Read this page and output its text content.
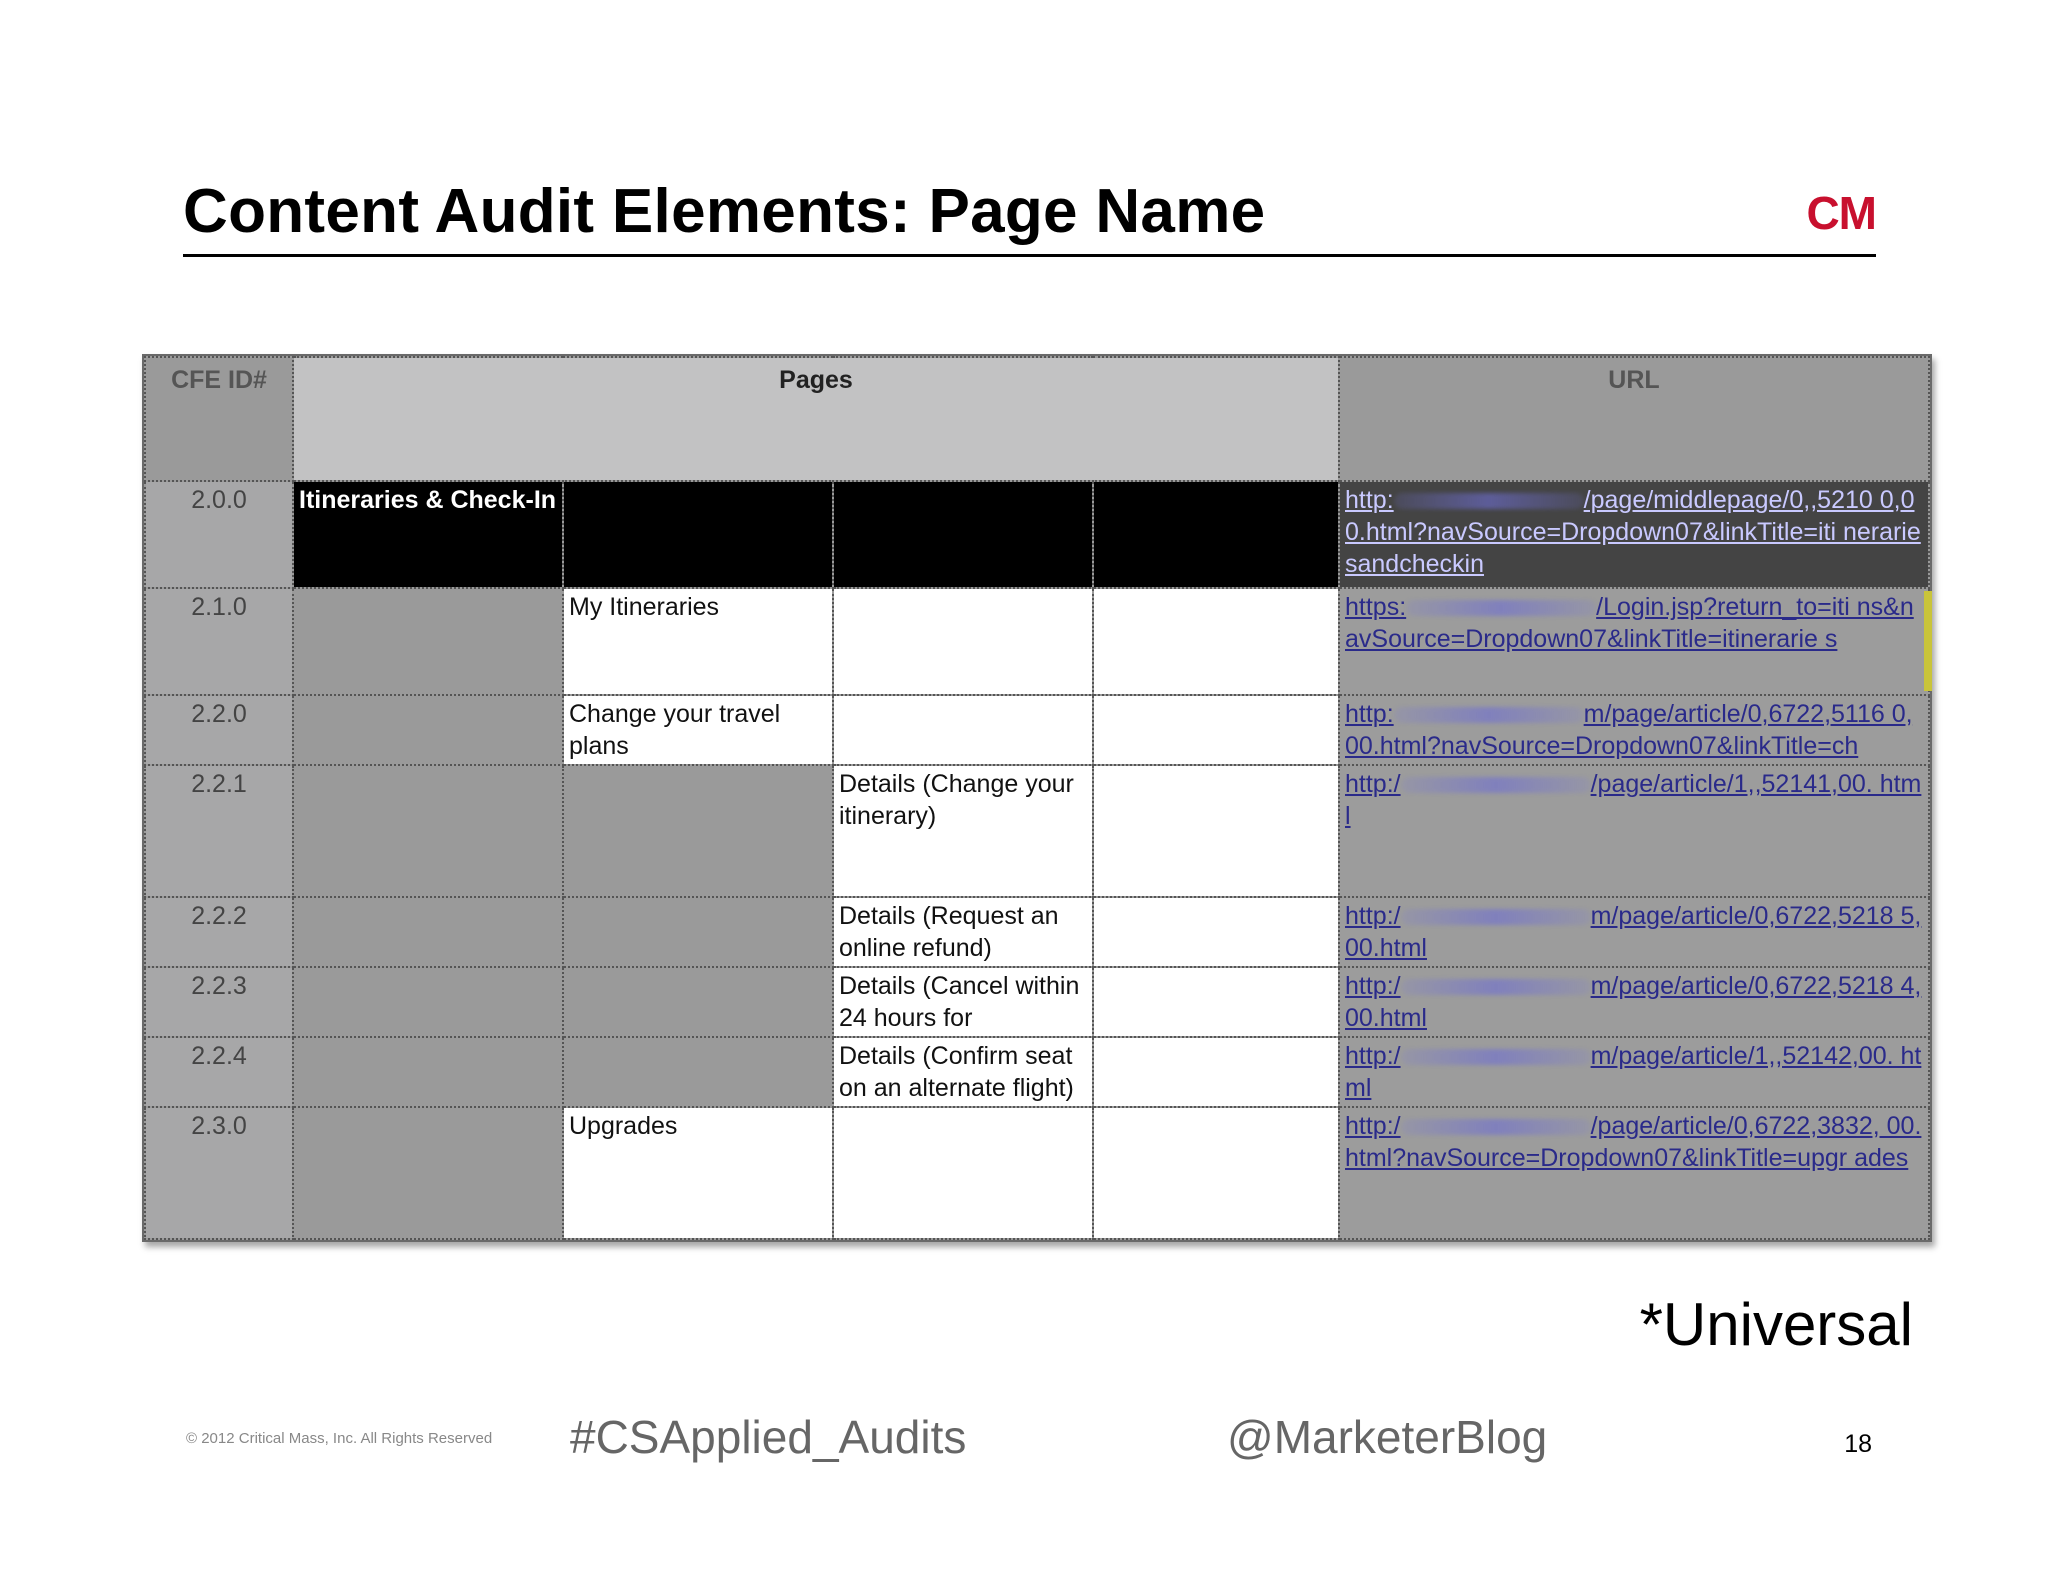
Content Audit Elements: Page Name	CM
CFE ID#	Pages				URL
2.0.0	Itineraries & Check-In				http: /page/middlepage/0,,5210 0,00.html?navSource=Dropdown07&linkTitle=iti nerariesandcheckin
2.1.0		My Itineraries			https: /Login.jsp?return_to=iti ns&navSource=Dropdown07&linkTitle=itinerarie s
2.2.0		Change your travel plans			http: m/page/article/0,6722,5116 0,00.html?navSource=Dropdown07&linkTitle=ch
2.2.1			Details (Change your itinerary)		http:/ /page/article/1,,52141,00. html
2.2.2			Details (Request an online refund)		http:/ m/page/article/0,6722,5218 5,00.html
2.2.3			Details (Cancel within 24 hours for		http:/ m/page/article/0,6722,5218 4,00.html
2.2.4			Details (Confirm seat on an alternate flight)		http:/ m/page/article/1,,52142,00. html
2.3.0		Upgrades			http:/ /page/article/0,6722,3832, 00.html?navSource=Dropdown07&linkTitle=upgr ades
*Universal
© 2012 Critical Mass, Inc. All Rights Reserved #CSApplied_Audits	@MarketerBlog	18
